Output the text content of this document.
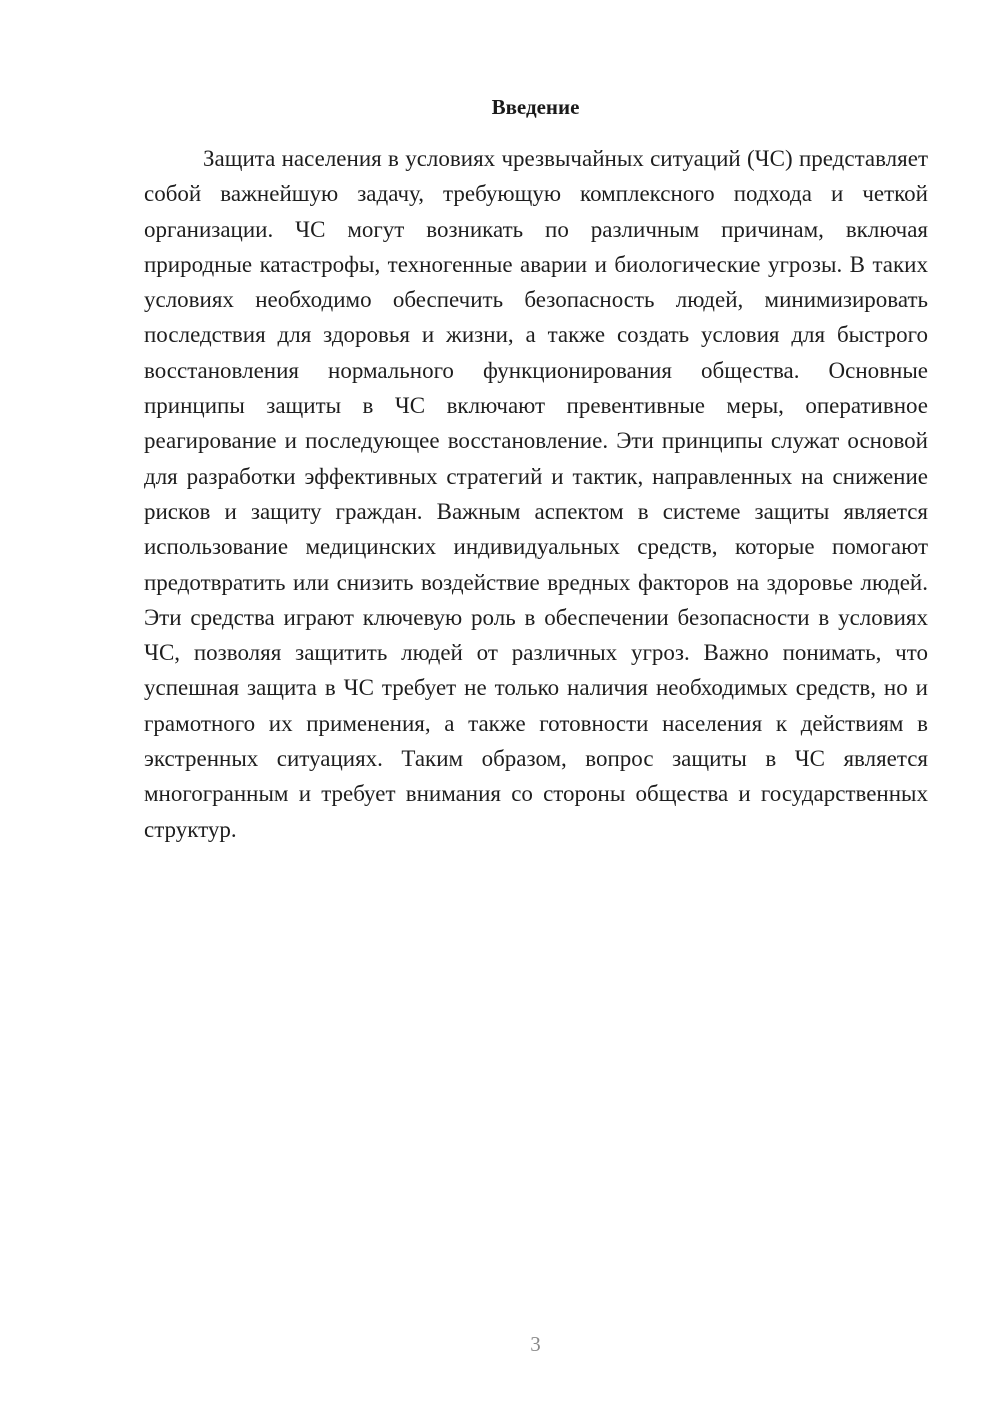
Введение

Защита населения в условиях чрезвычайных ситуаций (ЧС) представляет собой важнейшую задачу, требующую комплексного подхода и четкой организации. ЧС могут возникать по различным причинам, включая природные катастрофы, техногенные аварии и биологические угрозы. В таких условиях необходимо обеспечить безопасность людей, минимизировать последствия для здоровья и жизни, а также создать условия для быстрого восстановления нормального функционирования общества. Основные принципы защиты в ЧС включают превентивные меры, оперативное реагирование и последующее восстановление. Эти принципы служат основой для разработки эффективных стратегий и тактик, направленных на снижение рисков и защиту граждан. Важным аспектом в системе защиты является использование медицинских индивидуальных средств, которые помогают предотвратить или снизить воздействие вредных факторов на здоровье людей. Эти средства играют ключевую роль в обеспечении безопасности в условиях ЧС, позволяя защитить людей от различных угроз. Важно понимать, что успешная защита в ЧС требует не только наличия необходимых средств, но и грамотного их применения, а также готовности населения к действиям в экстренных ситуациях. Таким образом, вопрос защиты в ЧС является многогранным и требует внимания со стороны общества и государственных структур.

3
